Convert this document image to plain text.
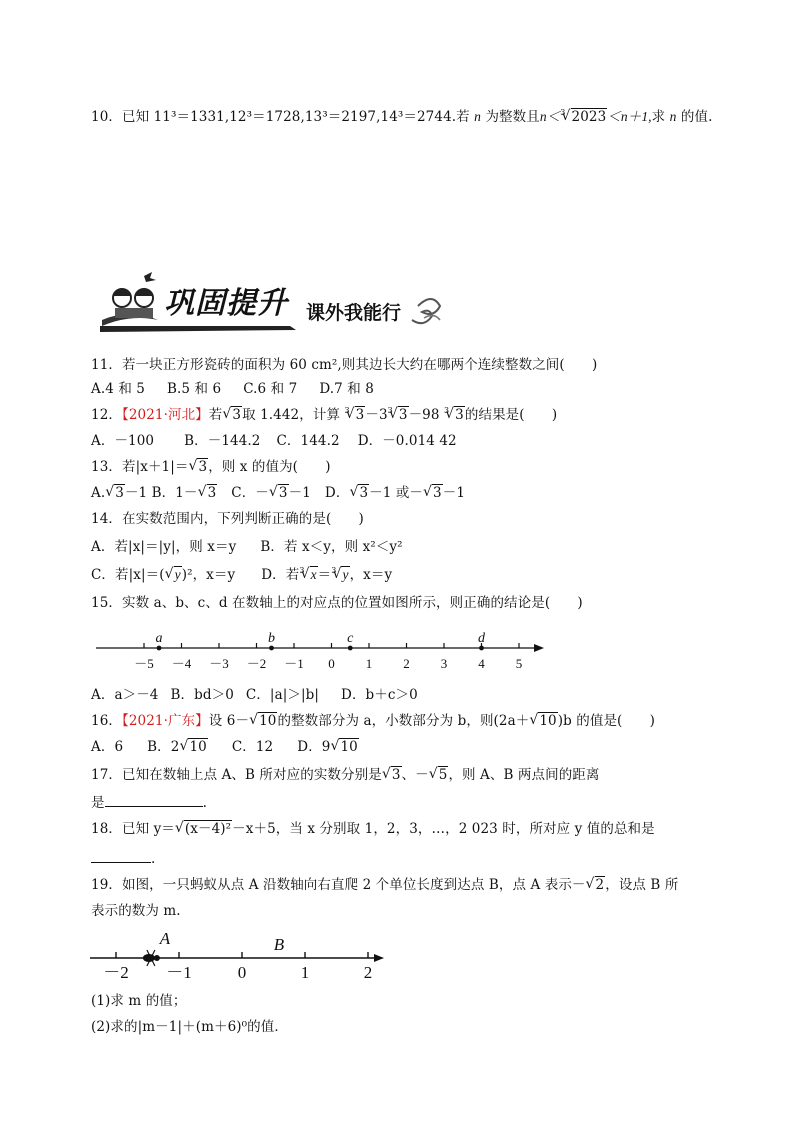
10．已知 11³＝1331,12³＝1728,13³＝2197,14³＝2744.若 n 为整数且n＜$^3$√ 2023＜n＋1,求 n 的值.
巩固提升 课外我能行
11．若一块正方形瓷砖的面积为 60 cm²,则其边长大约在哪两个连续整数之间(　　)
A.4 和 5 B.5 和 6 C.6 和 7 D.7 和 8
12．【2021·河北】若√ 3取 1.442，计算 $^3$√ $3-3^3√$ 3－98 $^3$√ 3的结果是(　　)
A．－100 B．－144.2 C．144.2 D．－0.014 42
13．若|x＋1|＝√ 3，则 x 的值为(　　)
A.√ 3－1 B．1－√ 3 C．－√ 3－1 D．√ 3－1 或－√ 3－1
14．在实数范围内，下列判断正确的是(　　)
A．若|x|＝|y|，则 x＝y B．若 x＜y，则 x²＜y²
C．若|x|＝(√ y)²，x＝y D．若$^3$√ x＝$^3$√ y，x＝y
15．实数 a、b、c、d 在数轴上的对应点的位置如图所示，则正确的结论是(　　)
－5 －4 －3 －2 －1 0 1 2 3 4 5
a	b	c	d
A．a＞－4 B．bd＞0 C．|a|＞|b| D．b＋c＞0
16．【2021·广东】设 6－√ 10的整数部分为 a，小数部分为 b，则(2a＋√ 10)b 的值是(　　)
A．6 B．2√ 10 C．12 D．9√ 10
17．已知在数轴上点 A、B 所对应的实数分别是√ 3、－√ 5，则 A、B 两点间的距离
是	.
18．已知 y＝√ (x－4)²－x＋5，当 x 分别取 1，2，3，…，2 023 时，所对应 y 值的总和是
.
19．如图，一只蚂蚁从点 A 沿数轴向右直爬 2 个单位长度到达点 B，点 A 表示－√ 2，设点 B 所
表示的数为 m.
－2 －1	0	1	2
A	B
(1)求 m 的值；
(2)求的|m－1|＋(m＋6)⁰的值．
